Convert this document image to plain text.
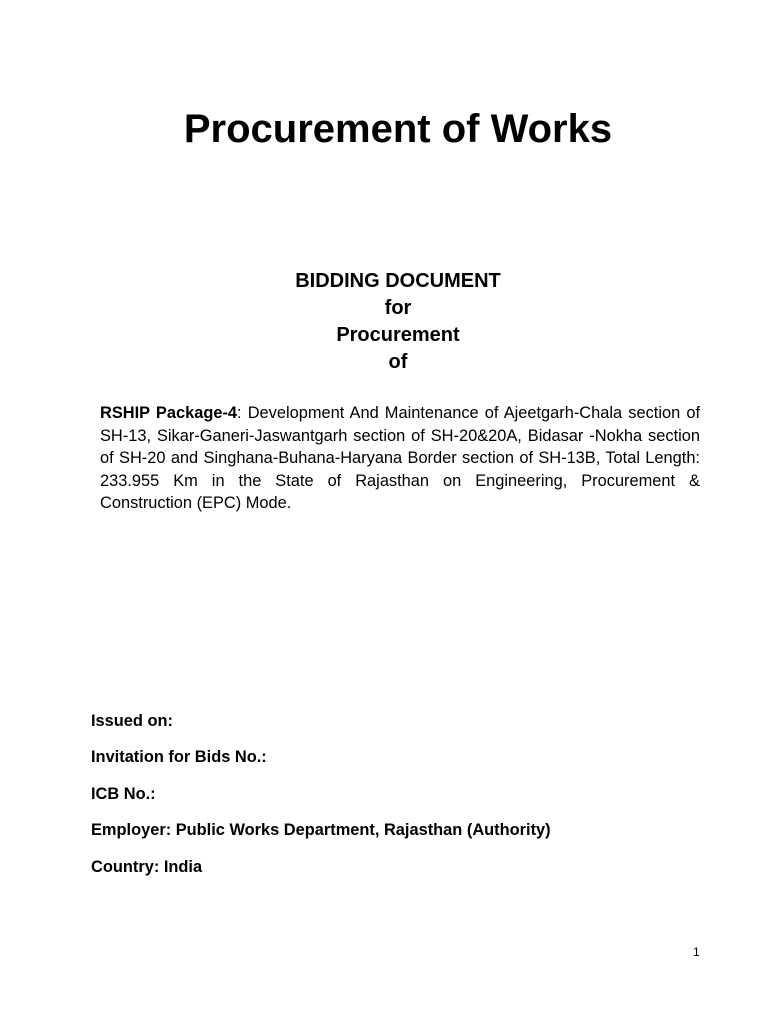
Procurement of Works
BIDDING DOCUMENT
for
Procurement
of

RSHIP Package-4: Development And Maintenance of Ajeetgarh-Chala section of SH-13, Sikar-Ganeri-Jaswantgarh section of SH-20&20A, Bidasar -Nokha section of SH-20 and Singhana-Buhana-Haryana Border section of SH-13B, Total Length: 233.955 Km in the State of Rajasthan on Engineering, Procurement & Construction (EPC) Mode.

Issued on:
Invitation for Bids No.:
ICB No.:
Employer: Public Works Department, Rajasthan (Authority)
Country: India
1
